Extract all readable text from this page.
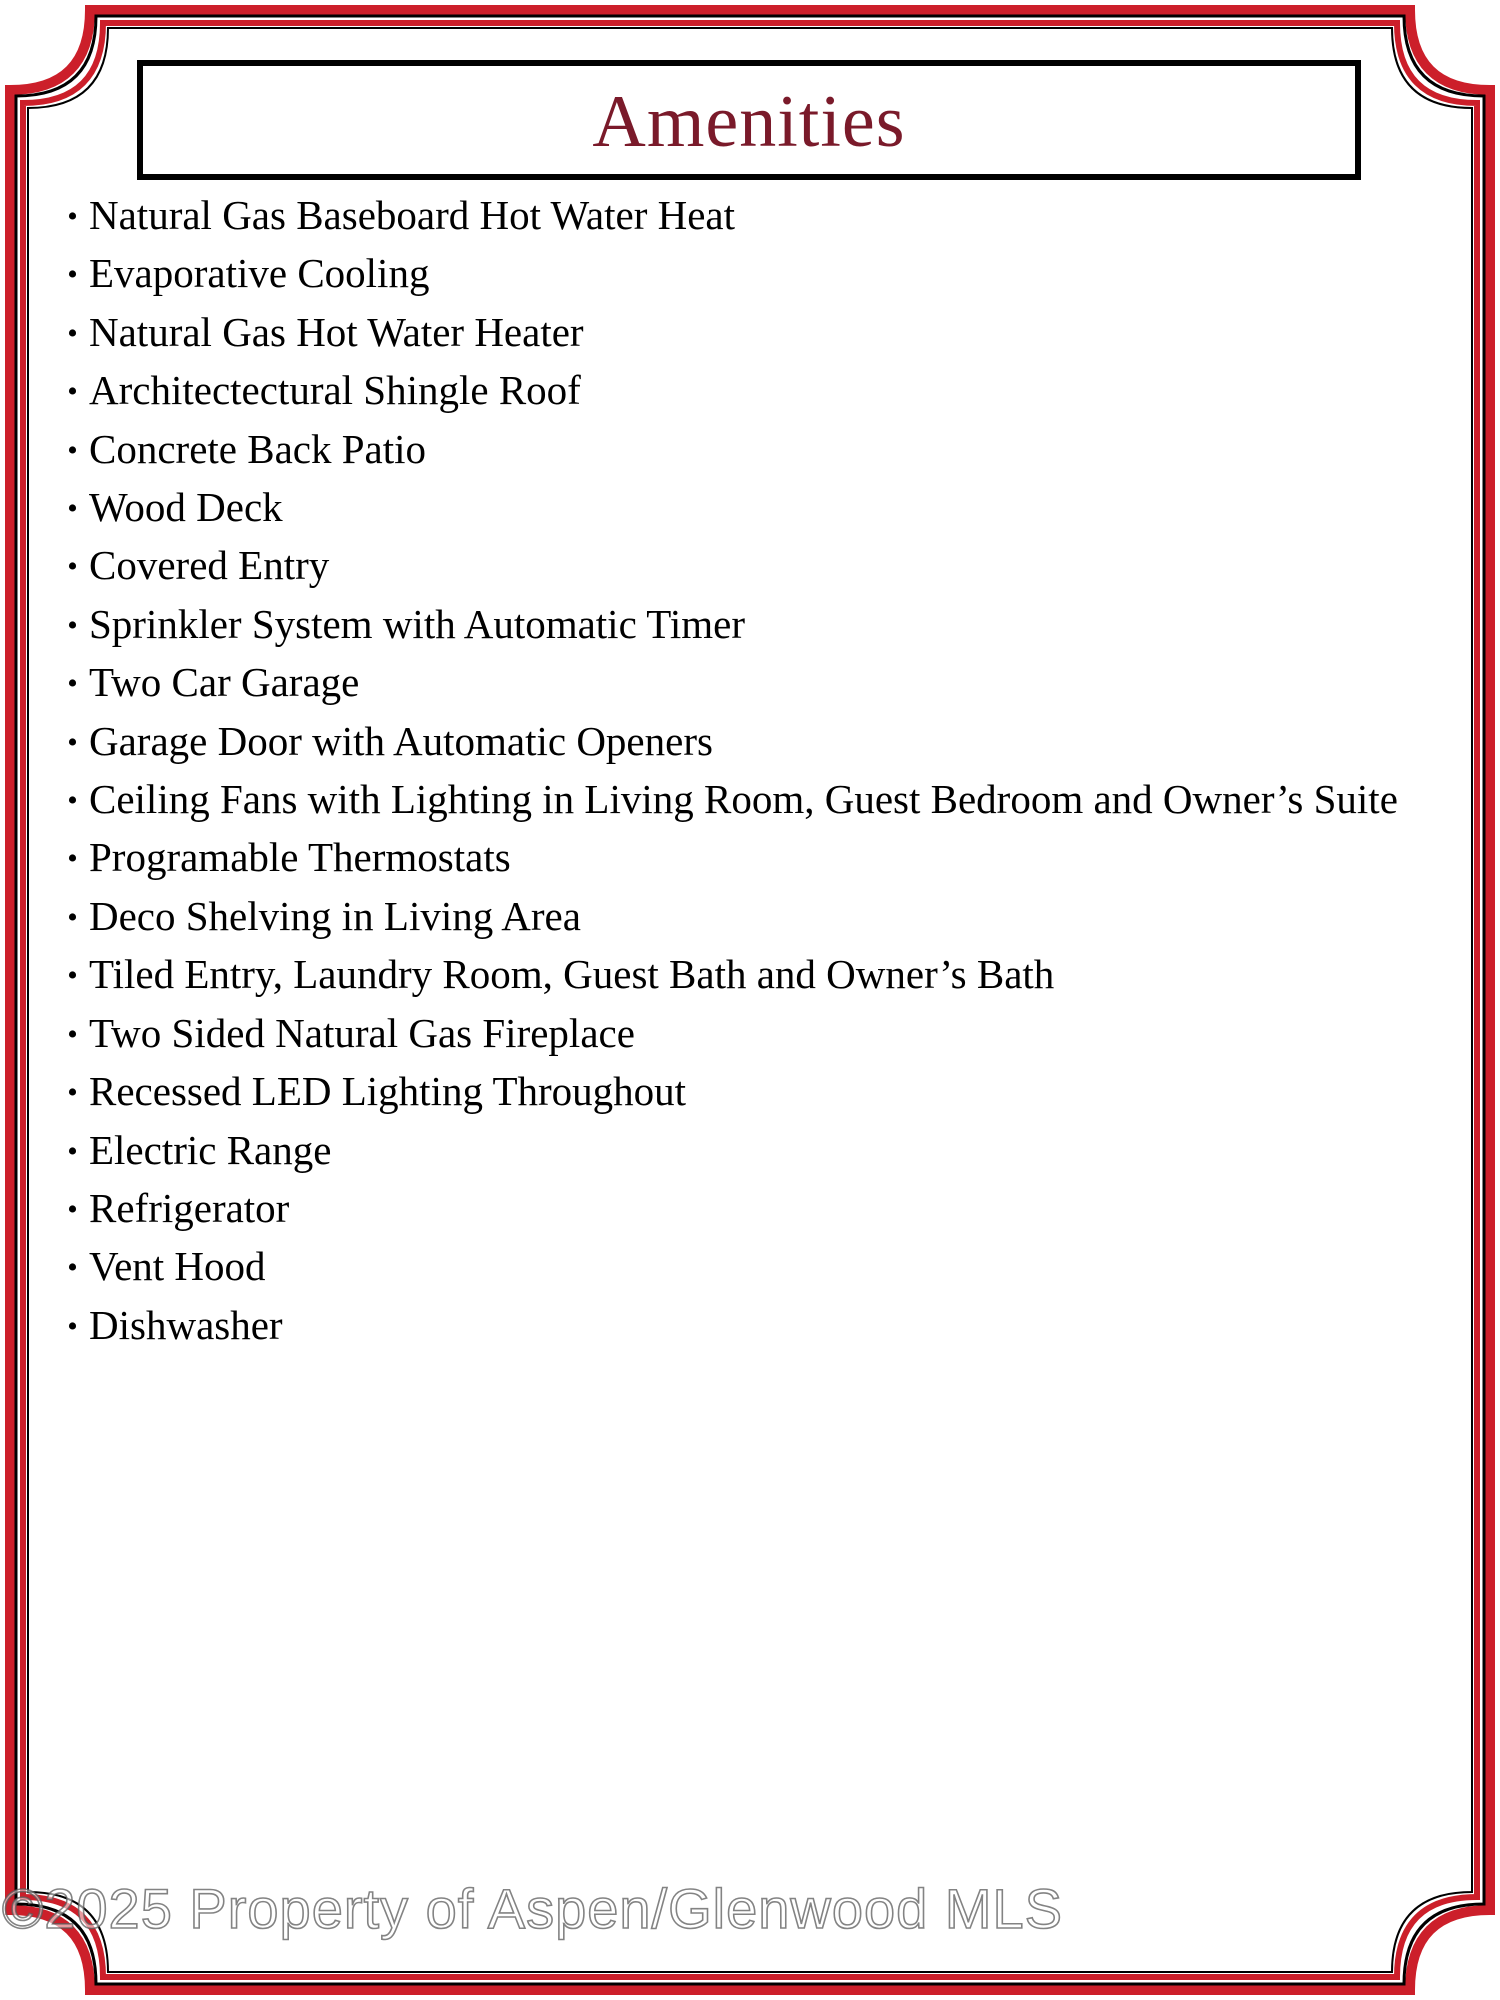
Amenities
• Natural Gas Baseboard Hot Water Heat
• Evaporative Cooling
• Natural Gas Hot Water Heater
• Architectectural Shingle Roof
• Concrete Back Patio
• Wood Deck
• Covered Entry
• Sprinkler System with Automatic Timer
• Two Car Garage
• Garage Door with Automatic Openers
• Ceiling Fans with Lighting in Living Room, Guest Bedroom and Owner’s Suite
• Programable Thermostats
• Deco Shelving in Living Area
• Tiled Entry, Laundry Room, Guest Bath and Owner’s Bath
• Two Sided Natural Gas Fireplace
• Recessed LED Lighting Throughout
• Electric Range
• Refrigerator
• Vent Hood
• Dishwasher
©2025 Property of Aspen/Glenwood MLS
